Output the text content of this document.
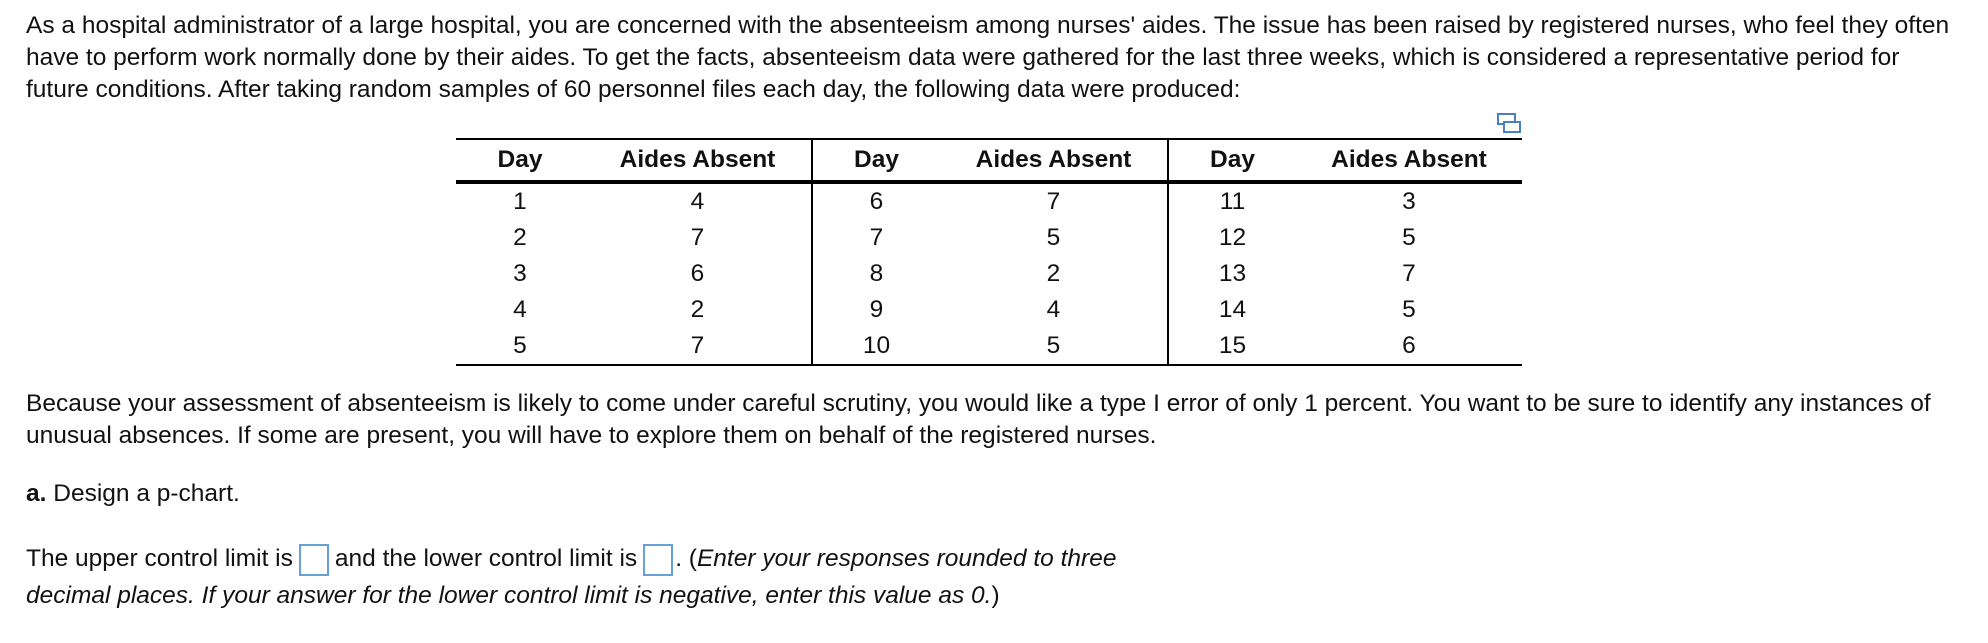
As a hospital administrator of a large hospital, you are concerned with the absenteeism among nurses' aides. The issue has been raised by registered nurses, who feel they often have to perform work normally done by their aides. To get the facts, absenteeism data were gathered for the last three weeks, which is considered a representative period for future conditions. After taking random samples of 60 personnel files each day, the following data were produced:
Day	Aides Absent	Day	Aides Absent	Day	Aides Absent
1	4	6	7	11	3
2	7	7	5	12	5
3	6	8	2	13	7
4	2	9	4	14	5
5	7	10	5	15	6
Because your assessment of absenteeism is likely to come under careful scrutiny, you would like a type I error of only 1 percent. You want to be sure to identify any instances of unusual absences. If some are present, you will have to explore them on behalf of the registered nurses.
a. Design a p-chart.
The upper control limit is and the lower control limit is . (Enter your responses rounded to three decimal places. If your answer for the lower control limit is negative, enter this value as 0.)
